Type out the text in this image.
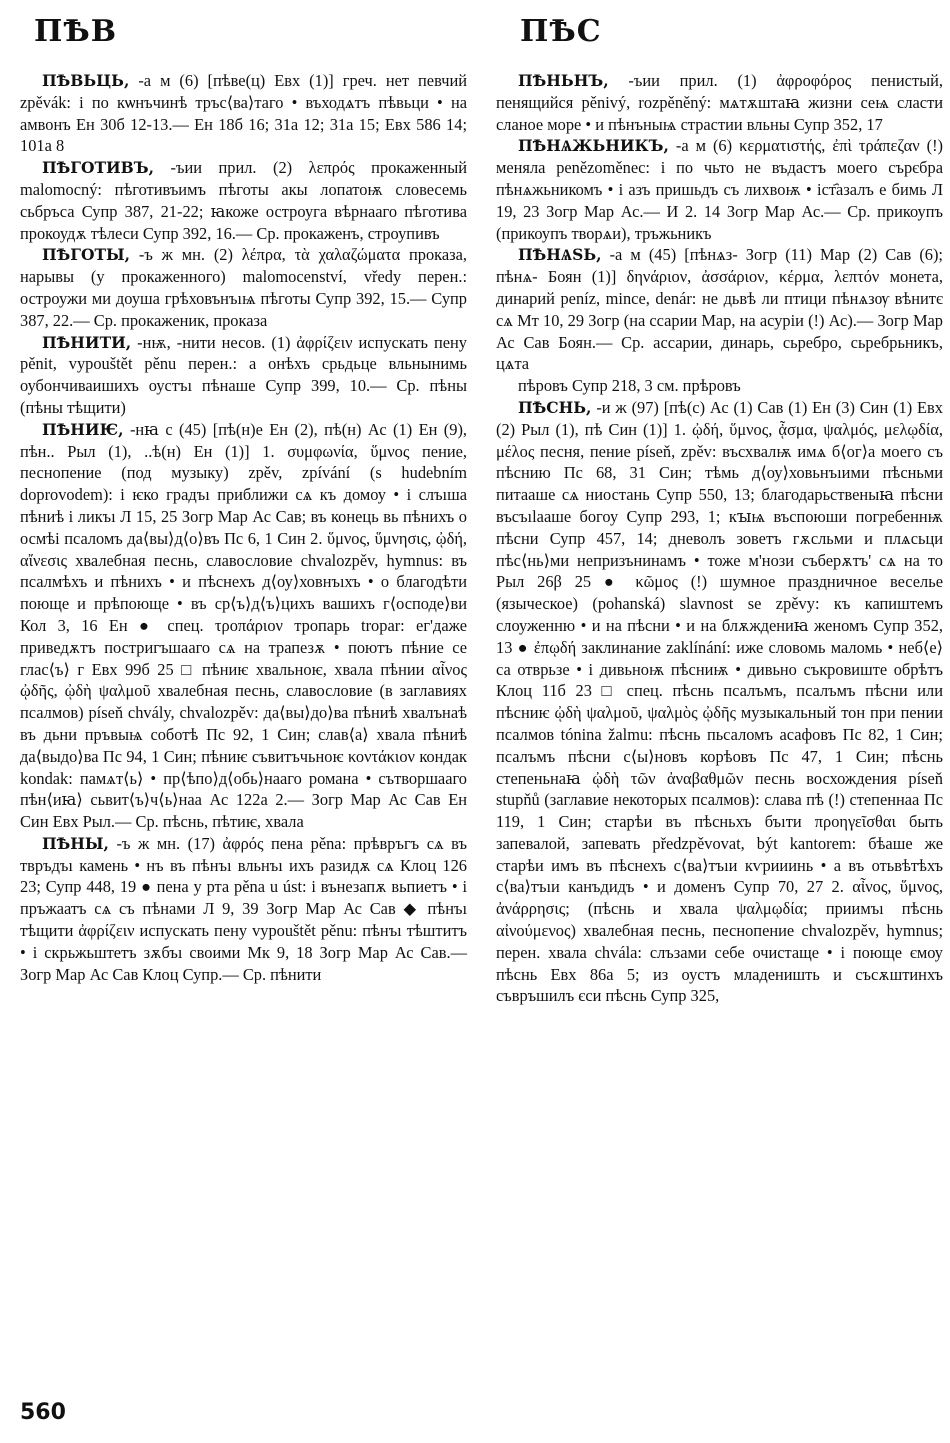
ПѢВ	ПѢС

ПѢВЬЦЬ, -а м (6) [пѣве(ц) Евх (1)] греч. нет певчий zpěvák: і по кѡнъчинѣ тръс⟨ва⟩таго • въходѧтъ пѣвьци • на амвонъ Ен 30б 12-13.— Ен 18б 16; 31а 12; 31а 15; Евх 586 14; 101а 8

ПѢГОТИВЪ, -ъии прил. (2) λεπρός прокаженный malomocný: пѣготивъимъ пѣготы акы лопатоѭ словесемь сьбръса Супр 387, 21-22; ꙗкоже остроуга вѣрнааго пѣготива прокоудѫ тѣлеси Супр 392, 16.— Ср. прокаженъ, строупивъ

ПѢГОТЫ, -ъ ж мн. (2) λέπρα, τὰ χαλαζώματα проказа, нарывы (у прокаженного) malomocenství, vředy перен.: остроужи ми доуша грѣховънъıѩ пѣготы Супр 392, 15.— Супр 387, 22.— Ср. прокаженик, проказа

ПѢНИТИ, -нѭ, -нити несов. (1) ἀφρίζειν испускать пену pěnit, vypouštět pěnu перен.: а онѣхъ срьдьце вльнынимь оубончиваишихъ оустъı пѣнаше Супр 399, 10.— Ср. пѣны (пѣны тѣщити)

ПѢНИѤ, -нꙗ с (45) [пѣ(н)е Ен (2), пѣ(н) Ас (1) Ен (9), пѣн.. Рыл (1), ..ѣ(н) Ен (1)] 1. συμφωνία, ὕμνος пение, песнопение (под музыку) zpěv, zpívání (s hudebním doprovodem): і ѥко градъı приближи сѧ къ домоу • і слъıша пѣниѣ і ликъı Л 15, 25 Зогр Мар Ас Сав; въ конець вь пѣнихъ о осмѣі псаломъ да⟨вы⟩д⟨о⟩въ Пс 6, 1 Син 2. ὕμνος, ὕμνησις, ᾠδή, αἴνεσις хвалебная песнь, славословие chvalozpěv, hymnus: въ псалмѣхъ и пѣнихъ • и пѣснехъ д⟨оу⟩ховнъıхъ • о благодѣти поюще и прѣпоюще • въ ср⟨ъ⟩д⟨ъ⟩цихъ вашихъ г⟨осподе⟩ви Кол 3, 16 Ен ● спец. τροπάριον тропарь tropar: ег'даже приведѫтъ постригъшааго сѧ на трапезѫ • поютъ пѣние се глас⟨ъ⟩ г Евх 99б 25 □ пѣниѥ хвальноѥ, хвала пѣнии αἶνος ᾠδῆς, ᾠδὴ ψαλμοῦ хвалебная песнь, славословие (в заглавиях псалмов) píseň chvály, chvalozpěv: да⟨вы⟩до⟩ва пѣниѣ хвалънаѣ въ дьни пръвыѩ соботѣ Пс 92, 1 Син; слав⟨а⟩ хвала пѣниѣ да⟨выдо⟩ва Пс 94, 1 Син; пѣниѥ съвитъчьноѥ κοντάκιον кондак kondak: памѧт⟨ь⟩ • пр⟨ѣпо⟩д⟨обь⟩нааго романа • сътворшааго пѣн⟨иꙗ⟩ сьвит⟨ъ⟩ч⟨ь⟩наа Ас 122а 2.— Зогр Мар Ас Сав Ен Син Евх Рыл.— Ср. пѣснь, пѣтиѥ, хвала

ПѢНЫ, -ъ ж мн. (17) ἀφρός пена pěna: прѣвръгъ сѧ въ твръдъı камень • нъ въ пѣнъı вльнъı ихъ разидѫ сѧ Клоц 126 23; Супр 448, 19 ● пена у рта pěna u úst: і вънезапѫ вьпиетъ • і пръжаатъ сѧ съ пѣнами Л 9, 39 Зогр Мар Ас Сав ◆ пѣнъı тѣщити ἀφρίζειν испускать пену vypouštět pěnu: пѣнъı тѣштитъ • і скрьжьштетъ зѫбъı своими Мк 9, 18 Зогр Мар Ас Сав.— Зогр Мар Ас Сав Клоц Супр.— Ср. пѣнити

ПѢНЬНЪ, -ъии прил. (1) ἀφροφόρος пенистый, пенящийся pěnivý, rozpěněný: мѧтѫштаꙗ жизни сеѩ сласти сланое море • и пѣнъныѩ страстии вльны Супр 352, 17

ПѢНѦЖЬНИКЪ, -а м (6) κερματιστής, ἐπὶ τράπεζαν (!) меняла penězoměnec: і по чьто не въдастъ моего сърєбра пѣнѧжьникомъ • і азъ пришьдъ съ лихвоѭ • іст҄азалъ е бимь Л 19, 23 Зогр Мар Ас.— И 2. 14 Зогр Мар Ас.— Ср. прикоупъ (прикоупъ творѧи), тръжьникъ

ПѢНѦЅЬ, -а м (45) [пѣнѧз- Зогр (11) Мар (2) Сав (6); пѣнѧ- Боян (1)] δηνάριον, ἀσσάριον, κέρμα, λεπτόν монета, динарий peníz, mince, denár: не дьвѣ ли птици пѣнѧзѹ вѣнитє сѧ Мт 10, 29 Зогр (на ссарии Мар, на асуріи (!) Ас).— Зогр Мар Ас Сав Боян.— Ср. ассарии, динарь, сьребро, сьребрьникъ, цѧта

пѣровъ Супр 218, 3 см. прѣровъ

ПѢСНЬ, -и ж (97) [пѣ(с) Ас (1) Сав (1) Ен (3) Син (1) Евх (2) Рыл (1), пѣ Син (1)] 1. ᾠδή, ὕμνος, ᾆσμα, ψαλμός, μελῳδία, μέλος песня, пение píseň, zpěv: въсхвалѭ имѧ б⟨ог⟩а моего съ пѣснию Пс 68, 31 Син; тѣмь д⟨оу⟩ховьнъıими пѣсньми питааше сѧ ниостань Супр 550, 13; благодарьственыꙗ пѣсни въсъılааше богоу Супр 293, 1; кꙑѩ въспоюши погребеннѭ пѣсни Супр 457, 14; дневолъ зоветъ гѫсльми и плѧсьци пѣс⟨нь⟩ми непризънинамъ • тоже м'нози съберѫтъ' сѧ на то Рыл 26β 25 ● κῶμος (!) шумное праздничное веселье (языческое) (pohanská) slavnost se zpěvy: къ капиштемъ слоуженню • и на пѣсни • и на блѫждениꙗ женомъ Супр 352, 13 ● ἐπῳδή заклинание zaklínání: иже словомь маломь • неб⟨е⟩са отврьзе • і дивьноѭ пѣсниѭ • дивьно съкровиште обрѣтъ Клоц 11б 23 □ спец. пѣснь псалъмъ, псалъмъ пѣсни или пѣсниѥ ᾠδὴ ψαλμοῦ, ψαλμὸς ᾠδῆς музыкальный тон при пении псалмов tónina žalmu: пѣснь пьсаломъ асафовъ Пс 82, 1 Син; псалъмъ пѣсни с⟨ы⟩новъ корѣовъ Пс 47, 1 Син; пѣснь степеньнаꙗ ᾠδὴ τῶν ἀναβαθμῶν песнь восхождения píseň stupňů (заглавие некоторых псалмов): слава пѣ (!) степеннаа Пс 119, 1 Син; старѣи въ пѣсньхъ бъıти προηγεῖσθαι быть запевалой, запевать předzpěvovat, být kantorem: бѣаше же старѣи имъ въ пѣснехъ с⟨ва⟩тъıи кѵрииинь • а въ отьвѣтѣхъ с⟨ва⟩тъıи канъдидъ • и доменъ Супр 70, 27 2. αἶνος, ὕμνος, ἀνάρρησις; (пѣснь и хвала ψαλμῳδία; приимъı пѣснь αἰνούμενος) хвалебная песнь, песнопение chvalozpěv, hymnus; перен. хвала chvála: слъзами себе очистаще • і поюще ємоу пѣснь Евх 86а 5; из оустъ младеништь и съсѫштинхъ съвръшилъ єси пѣснь Супр 325,

560
